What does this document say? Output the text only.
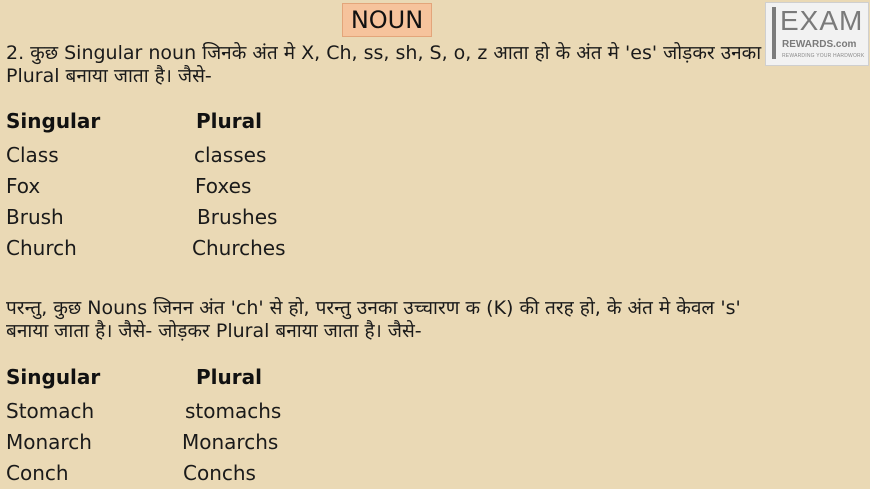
NOUN	EXAM
REWARDS.com
REWARDING YOUR HARDWORK

2. कुछ Singular noun जिनके अंत मे X, Ch, ss, sh, S, o, z आता हो के अंत मे 'es' जोड़कर उनका Plural बनाया जाता है। जैसे-

Singular	Plural
Class	classes
Fox	Foxes
Brush	Brushes
Church	Churches

परन्तु, कुछ Nouns जिनन अंत 'ch' से हो, परन्तु उनका उच्चारण क (K) की तरह हो, के अंत मे केवल 's' बनाया जाता है। जैसे- जोड़कर Plural बनाया जाता है। जैसे-

Singular	Plural
Stomach	stomachs
Monarch	Monarchs
Conch	Conchs
